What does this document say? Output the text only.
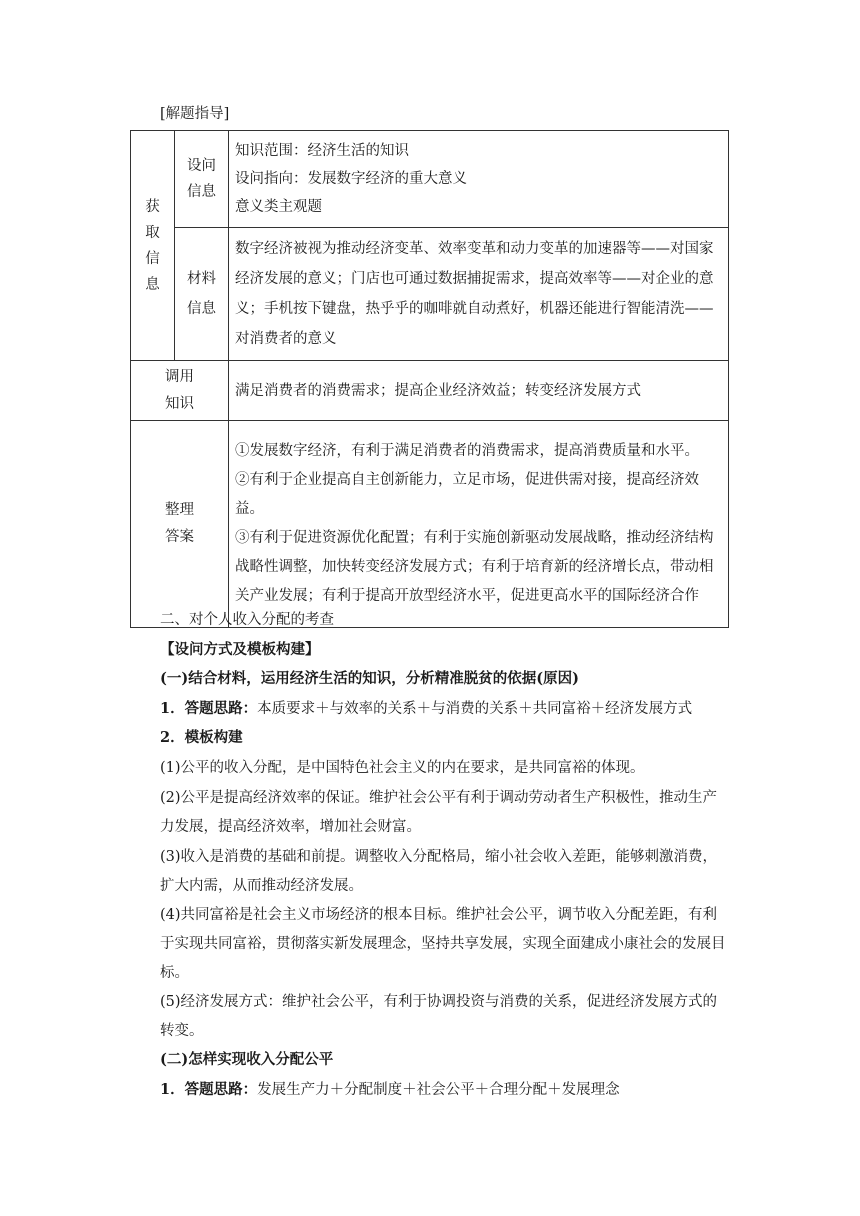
[解题指导]
获取信息	设问信息	知识范围：经济生活的知识
设问指向：发展数字经济的重大意义
意义类主观题

	材料信息	数字经济被视为推动经济变革、效率变革和动力变革的加速器等——对国家经济发展的意义；门店也可通过数据捕捉需求，提高效率等——对企业的意义；手机按下键盘，热乎乎的咖啡就自动煮好，机器还能进行智能清洗——对消费者的意义

调用知识		满足消费者的消费需求；提高企业经济效益；转变经济发展方式

整理答案		①发展数字经济，有利于满足消费者的消费需求，提高消费质量和水平。
②有利于企业提高自主创新能力，立足市场，促进供需对接，提高经济效益。
③有利于促进资源优化配置；有利于实施创新驱动发展战略，推动经济结构战略性调整，加快转变经济发展方式；有利于培育新的经济增长点，带动相关产业发展；有利于提高开放型经济水平，促进更高水平的国际经济合作
二、对个人收入分配的考查
【设问方式及模板构建】
(一)结合材料，运用经济生活的知识，分析精准脱贫的依据(原因)
1．答题思路：本质要求＋与效率的关系＋与消费的关系＋共同富裕＋经济发展方式
2．模板构建
(1)公平的收入分配，是中国特色社会主义的内在要求，是共同富裕的体现。
(2)公平是提高经济效率的保证。维护社会公平有利于调动劳动者生产积极性，推动生产力发展，提高经济效率，增加社会财富。
(3)收入是消费的基础和前提。调整收入分配格局，缩小社会收入差距，能够刺激消费，扩大内需，从而推动经济发展。
(4)共同富裕是社会主义市场经济的根本目标。维护社会公平，调节收入分配差距，有利于实现共同富裕，贯彻落实新发展理念，坚持共享发展，实现全面建成小康社会的发展目标。
(5)经济发展方式：维护社会公平，有利于协调投资与消费的关系，促进经济发展方式的转变。
(二)怎样实现收入分配公平
1．答题思路：发展生产力＋分配制度＋社会公平＋合理分配＋发展理念
